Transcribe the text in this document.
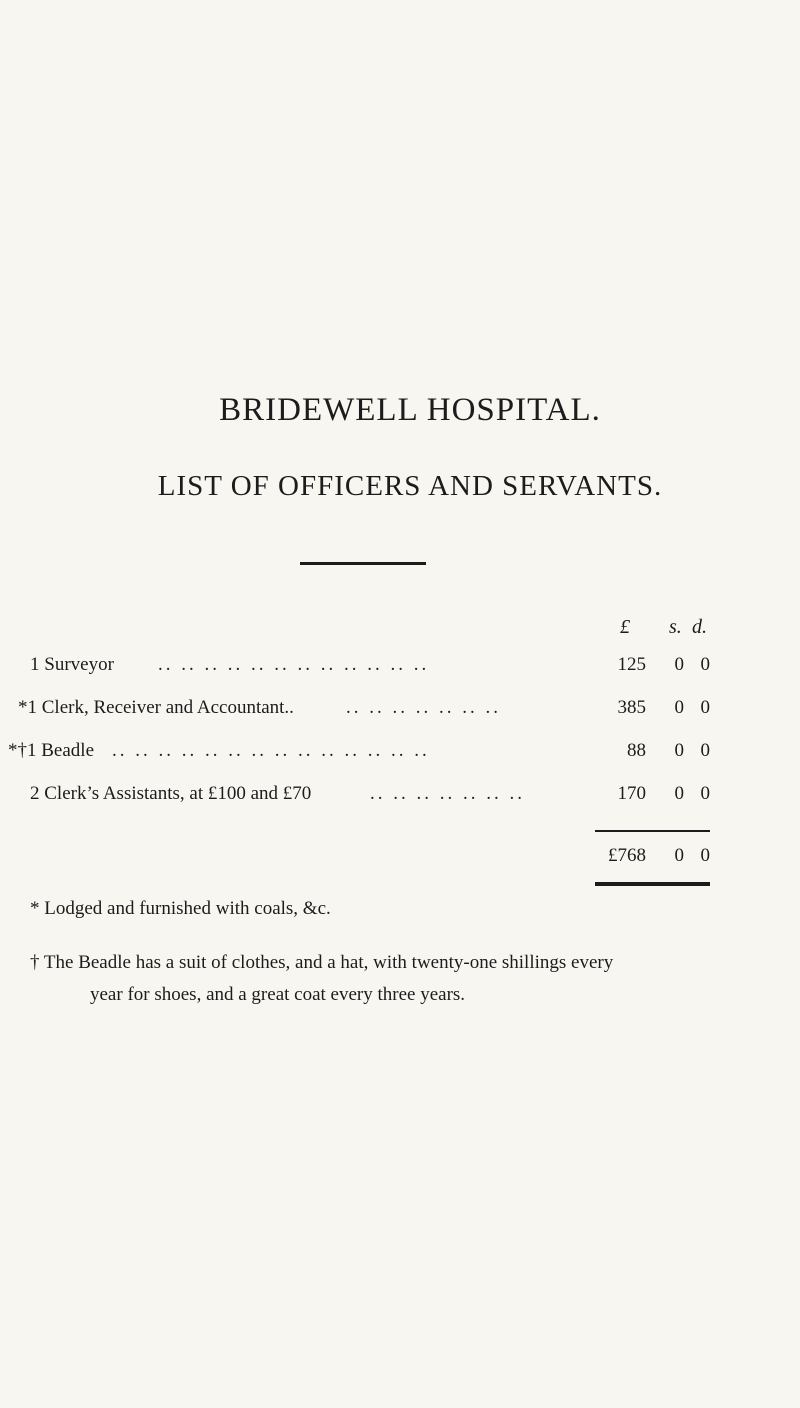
BRIDEWELL HOSPITAL.
LIST OF OFFICERS AND SERVANTS.
£ s. d.
1 Surveyor .. .. .. .. .. .. .. .. .. .. .. ..	125	0 0
*1 Clerk, Receiver and Accountant..	.. .. .. .. .. .. ..	385	0 0
*†1 Beadle .. .. .. .. .. .. .. .. .. .. .. .. .. ..	88	0 0
2 Clerk’s Assistants, at £100 and £70	.. .. .. .. .. .. ..	170	0 0
£768	0 0
* Lodged and furnished with coals, &c.
† The Beadle has a suit of clothes, and a hat, with twenty-one shillings every
year for shoes, and a great coat every three years.
